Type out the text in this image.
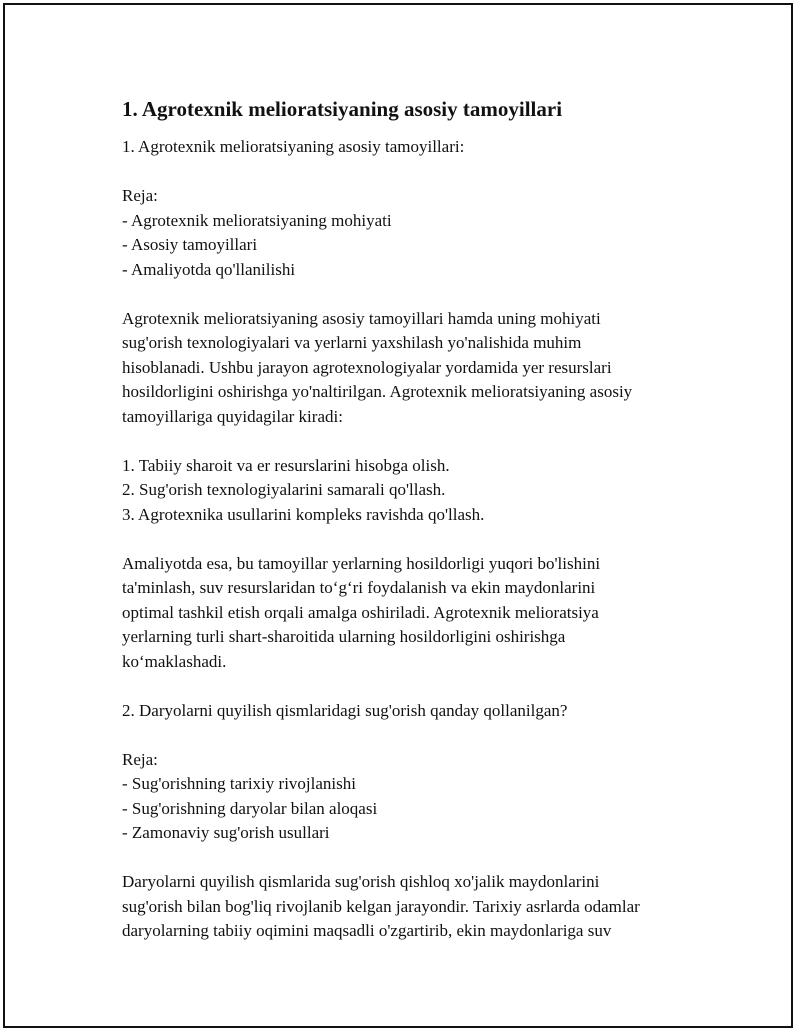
1. Agrotexnik melioratsiyaning asosiy tamoyillari
1. Agrotexnik melioratsiyaning asosiy tamoyillari:
Reja:
- Agrotexnik melioratsiyaning mohiyati
- Asosiy tamoyillari
- Amaliyotda qo'llanilishi
Agrotexnik melioratsiyaning asosiy tamoyillari hamda uning mohiyati
sug'orish texnologiyalari va yerlarni yaxshilash yo'nalishida muhim
hisoblanadi. Ushbu jarayon agrotexnologiyalar yordamida yer resurslari
hosildorligini oshirishga yo'naltirilgan. Agrotexnik melioratsiyaning asosiy
tamoyillariga quyidagilar kiradi:
1. Tabiiy sharoit va er resurslarini hisobga olish.
2. Sug'orish texnologiyalarini samarali qo'llash.
3. Agrotexnika usullarini kompleks ravishda qo'llash.
Amaliyotda esa, bu tamoyillar yerlarning hosildorligi yuqori bo'lishini
ta'minlash, suv resurslaridan to‘g‘ri foydalanish va ekin maydonlarini
optimal tashkil etish orqali amalga oshiriladi. Agrotexnik melioratsiya
yerlarning turli shart-sharoitida ularning hosildorligini oshirishga
ko‘maklashadi.
2. Daryolarni quyilish qismlaridagi sug'orish qanday qollanilgan?
Reja:
- Sug'orishning tarixiy rivojlanishi
- Sug'orishning daryolar bilan aloqasi
- Zamonaviy sug'orish usullari
Daryolarni quyilish qismlarida sug'orish qishloq xo'jalik maydonlarini
sug'orish bilan bog'liq rivojlanib kelgan jarayondir. Tarixiy asrlarda odamlar
daryolarning tabiiy oqimini maqsadli o'zgartirib, ekin maydonlariga suv
